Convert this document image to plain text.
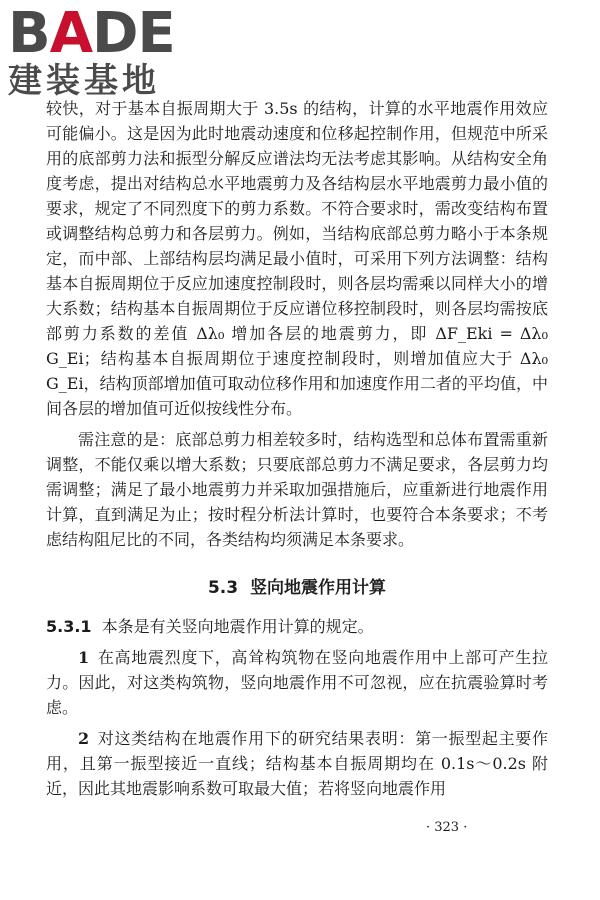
BADE
建装基地

较快，对于基本自振周期大于 3.5s 的结构，计算的水平地震作用效应可能偏小。这是因为此时地震动速度和位移起控制作用，但规范中所采用的底部剪力法和振型分解反应谱法均无法考虑其影响。从结构安全角度考虑，提出对结构总水平地震剪力及各结构层水平地震剪力最小值的要求，规定了不同烈度下的剪力系数。不符合要求时，需改变结构布置或调整结构总剪力和各层剪力。例如，当结构底部总剪力略小于本条规定，而中部、上部结构层均满足最小值时，可采用下列方法调整：结构基本自振周期位于反应加速度控制段时，则各层均需乘以同样大小的增大系数；结构基本自振周期位于反应谱位移控制段时，则各层均需按底部剪力系数的差值 Δλ₀ 增加各层的地震剪力，即 ΔF_Eki = Δλ₀ G_Ei；结构基本自振周期位于速度控制段时，则增加值应大于 Δλ₀ G_Ei，结构顶部增加值可取动位移作用和加速度作用二者的平均值，中间各层的增加值可近似按线性分布。

需注意的是：底部总剪力相差较多时，结构选型和总体布置需重新调整，不能仅乘以增大系数；只要底部总剪力不满足要求，各层剪力均需调整；满足了最小地震剪力并采取加强措施后，应重新进行地震作用计算，直到满足为止；按时程分析法计算时，也要符合本条要求；不考虑结构阻尼比的不同，各类结构均须满足本条要求。

5.3 竖向地震作用计算

5.3.1 本条是有关竖向地震作用计算的规定。

1 在高地震烈度下，高耸构筑物在竖向地震作用中上部可产生拉力。因此，对这类构筑物，竖向地震作用不可忽视，应在抗震验算时考虑。

2 对这类结构在地震作用下的研究结果表明：第一振型起主要作用，且第一振型接近一直线；结构基本自振周期均在 0.1s～0.2s 附近，因此其地震影响系数可取最大值；若将竖向地震作用

· 323 ·
